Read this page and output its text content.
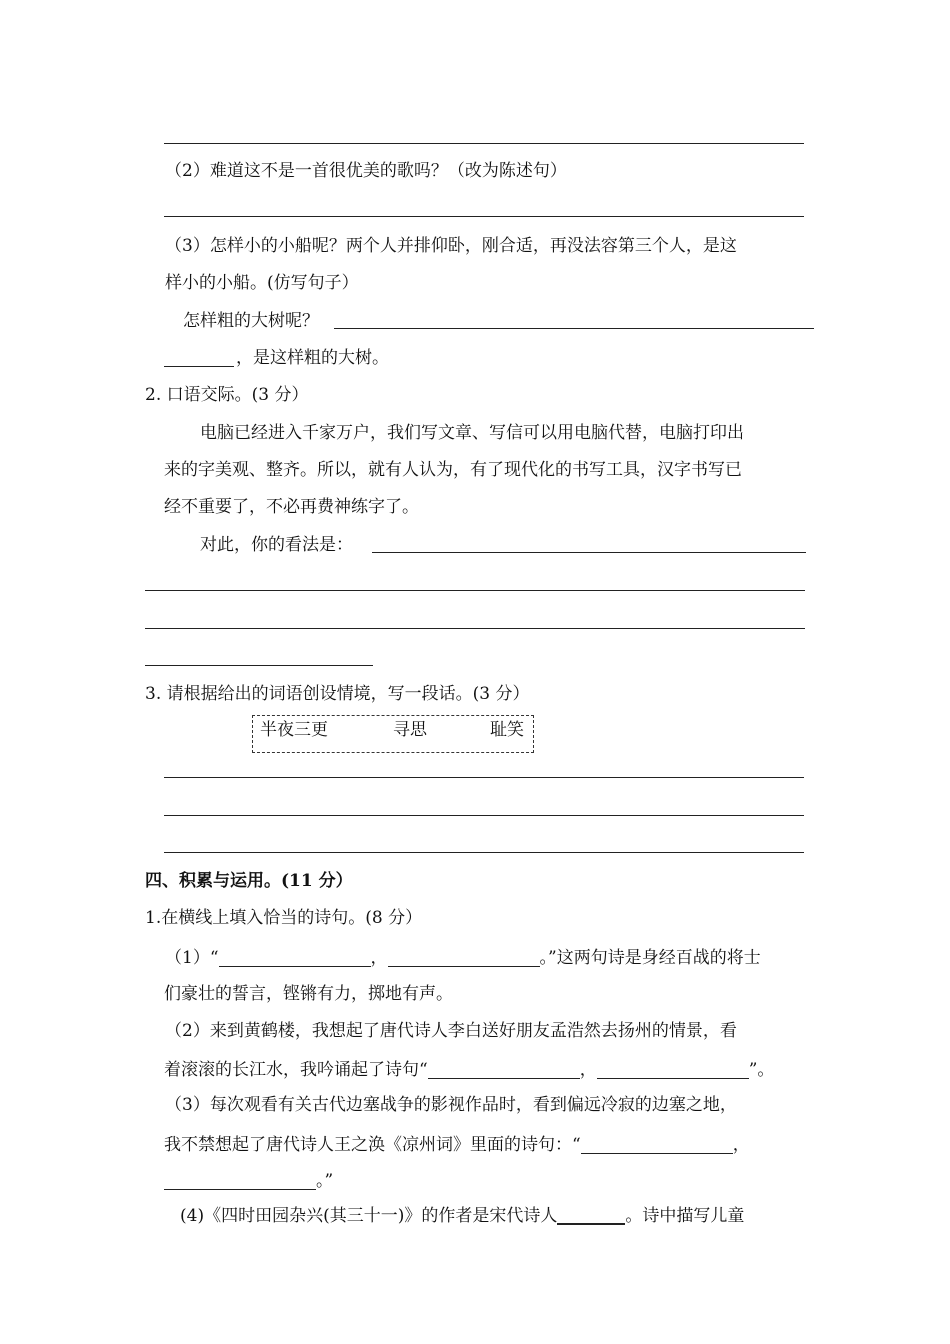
（2）难道这不是一首很优美的歌吗？（改为陈述句）
（3）怎样小的小船呢？两个人并排仰卧，刚合适，再没法容第三个人，是这
样小的小船。(仿写句子）
怎样粗的大树呢？
，是这样粗的大树。
2. 口语交际。(3 分）
电脑已经进入千家万户，我们写文章、写信可以用电脑代替，电脑打印出
来的字美观、整齐。所以，就有人认为，有了现代化的书写工具，汉字书写已
经不重要了，不必再费神练字了。
对此，你的看法是：
3. 请根据给出的词语创设情境，写一段话。(3 分）
半夜三更	寻思	耻笑
四、积累与运用。(11 分）
1.在横线上填入恰当的诗句。(8 分）
（1）“	，	。”这两句诗是身经百战的将士
们豪壮的誓言，铿锵有力，掷地有声。
（2）来到黄鹤楼，我想起了唐代诗人李白送好朋友孟浩然去扬州的情景，看
着滚滚的长江水，我吟诵起了诗句“	，	”。
（3）每次观看有关古代边塞战争的影视作品时，看到偏远冷寂的边塞之地，
我不禁想起了唐代诗人王之涣《凉州词》里面的诗句：“	，
。”
(4)《四时田园杂兴(其三十一)》的作者是宋代诗人	。诗中描写儿童
